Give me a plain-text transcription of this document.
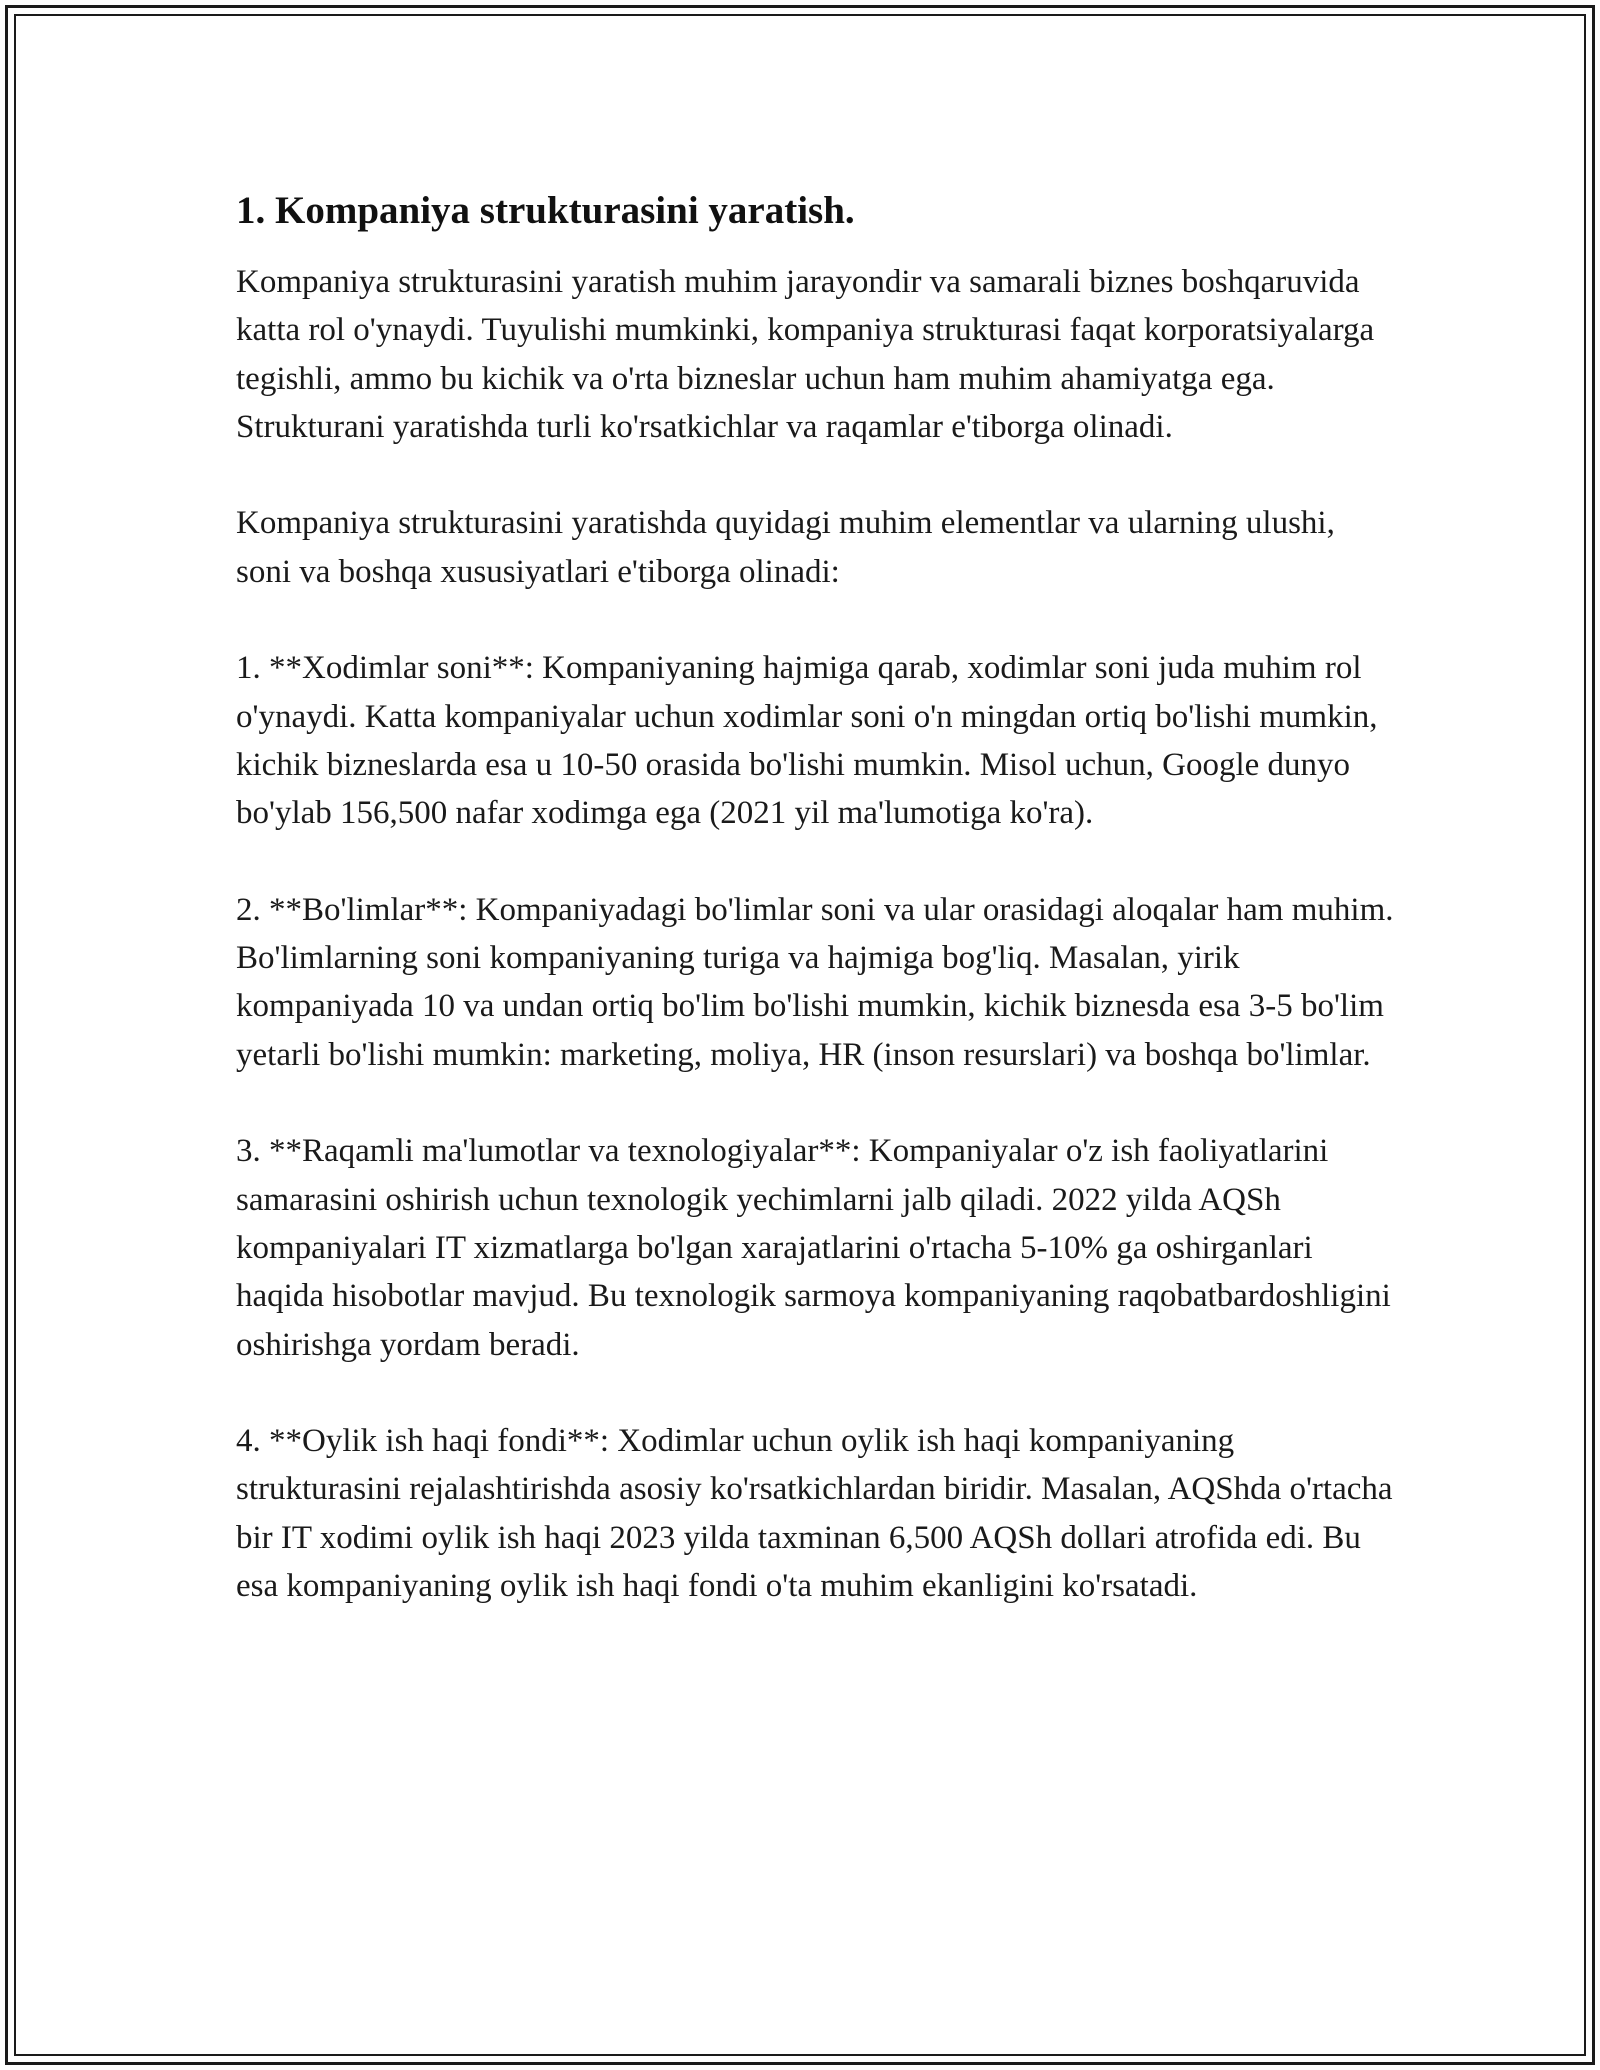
1. Kompaniya strukturasini yaratish.

Kompaniya strukturasini yaratish muhim jarayondir va samarali biznes boshqaruvida katta rol o'ynaydi. Tuyulishi mumkinki, kompaniya strukturasi faqat korporatsiyalarga tegishli, ammo bu kichik va o'rta bizneslar uchun ham muhim ahamiyatga ega. Strukturani yaratishda turli ko'rsatkichlar va raqamlar e'tiborga olinadi.

Kompaniya strukturasini yaratishda quyidagi muhim elementlar va ularning ulushi, soni va boshqa xususiyatlari e'tiborga olinadi:

1. **Xodimlar soni**: Kompaniyaning hajmiga qarab, xodimlar soni juda muhim rol o'ynaydi. Katta kompaniyalar uchun xodimlar soni o'n mingdan ortiq bo'lishi mumkin, kichik bizneslarda esa u 10-50 orasida bo'lishi mumkin. Misol uchun, Google dunyo bo'ylab 156,500 nafar xodimga ega (2021 yil ma'lumotiga ko'ra).

2. **Bo'limlar**: Kompaniyadagi bo'limlar soni va ular orasidagi aloqalar ham muhim. Bo'limlarning soni kompaniyaning turiga va hajmiga bog'liq. Masalan, yirik kompaniyada 10 va undan ortiq bo'lim bo'lishi mumkin, kichik biznesda esa 3-5 bo'lim yetarli bo'lishi mumkin: marketing, moliya, HR (inson resurslari) va boshqa bo'limlar.

3. **Raqamli ma'lumotlar va texnologiyalar**: Kompaniyalar o'z ish faoliyatlarini samarasini oshirish uchun texnologik yechimlarni jalb qiladi. 2022 yilda AQSh kompaniyalari IT xizmatlarga bo'lgan xarajatlarini o'rtacha 5-10% ga oshirganlari haqida hisobotlar mavjud. Bu texnologik sarmoya kompaniyaning raqobatbardoshligini oshirishga yordam beradi.

4. **Oylik ish haqi fondi**: Xodimlar uchun oylik ish haqi kompaniyaning strukturasini rejalashtirishda asosiy ko'rsatkichlardan biridir. Masalan, AQShda o'rtacha bir IT xodimi oylik ish haqi 2023 yilda taxminan 6,500 AQSh dollari atrofida edi. Bu esa kompaniyaning oylik ish haqi fondi o'ta muhim ekanligini ko'rsatadi.
